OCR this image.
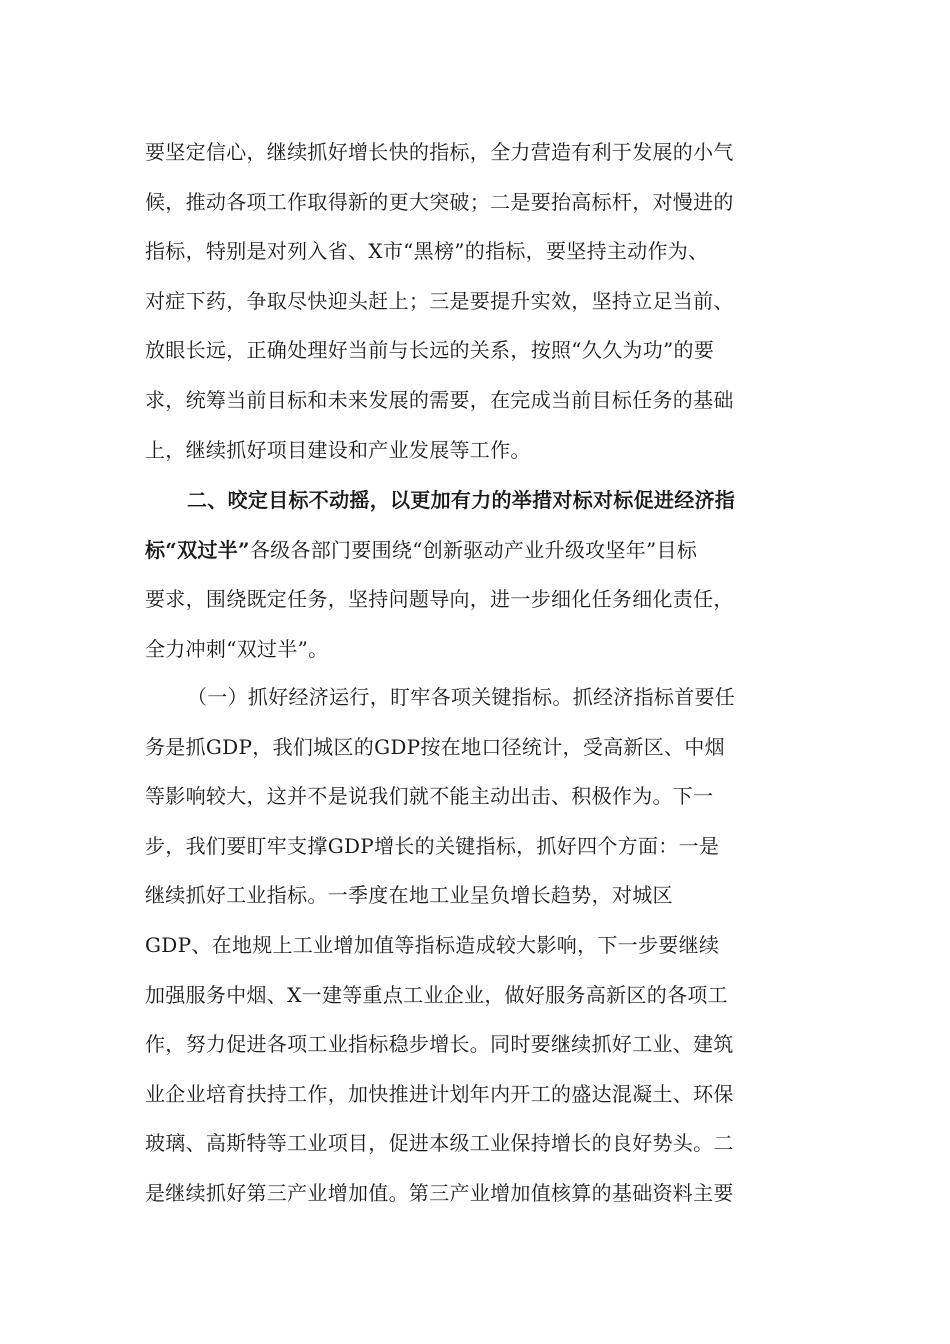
要坚定信心，继续抓好增长快的指标，全力营造有利于发展的小气
候，推动各项工作取得新的更大突破；二是要抬高标杆，对慢进的
指标，特别是对列入省、X市“黑榜”的指标，要坚持主动作为、
对症下药，争取尽快迎头赶上；三是要提升实效，坚持立足当前、
放眼长远，正确处理好当前与长远的关系，按照“久久为功”的要
求，统筹当前目标和未来发展的需要，在完成当前目标任务的基础
上，继续抓好项目建设和产业发展等工作。
二、咬定目标不动摇，以更加有力的举措对标对标促进经济指
标“双过半”各级各部门要围绕“创新驱动产业升级攻坚年”目标
要求，围绕既定任务，坚持问题导向，进一步细化任务细化责任，
全力冲刺“双过半”。
（一）抓好经济运行，盯牢各项关键指标。抓经济指标首要任
务是抓GDP，我们城区的GDP按在地口径统计，受高新区、中烟
等影响较大，这并不是说我们就不能主动出击、积极作为。下一
步，我们要盯牢支撑GDP增长的关键指标，抓好四个方面：一是
继续抓好工业指标。一季度在地工业呈负增长趋势，对城区
GDP、在地规上工业增加值等指标造成较大影响，下一步要继续
加强服务中烟、X一建等重点工业企业，做好服务高新区的各项工
作，努力促进各项工业指标稳步增长。同时要继续抓好工业、建筑
业企业培育扶持工作，加快推进计划年内开工的盛达混凝土、环保
玻璃、高斯特等工业项目，促进本级工业保持增长的良好势头。二
是继续抓好第三产业增加值。第三产业增加值核算的基础资料主要
